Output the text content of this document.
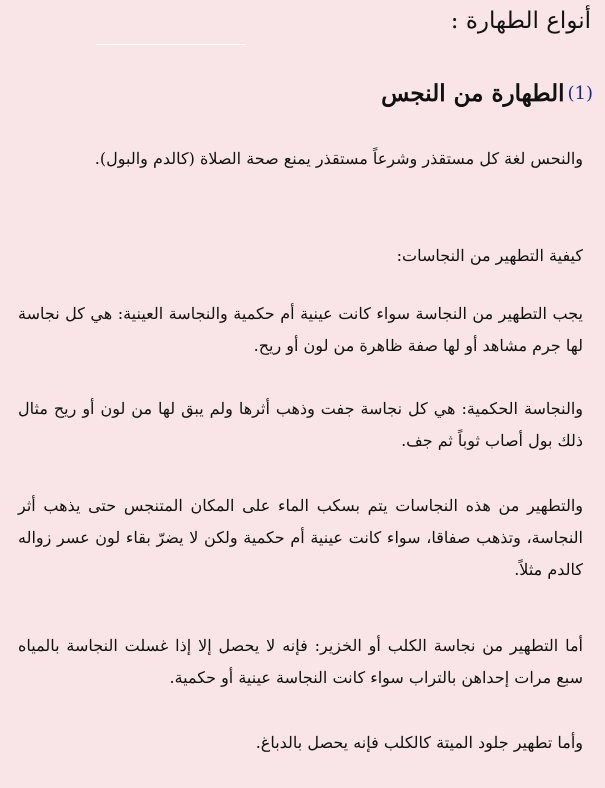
أنواع الطهارة :
(1)الطهارة من النجس

والنحس لغة كل مستقذر وشرعاً مستقذر يمنع صحة الصلاة (كالدم والبول).

كيفية التطهير من النجاسات:

يجب التطهير من النجاسة سواء كانت عينية أم حكمية والنجاسة العينية: هي كل نجاسة لها جرم مشاهد أو لها صفة ظاهرة من لون أو ريح.

والنجاسة الحكمية: هي كل نجاسة جفت وذهب أثرها ولم يبق لها من لون أو ريح مثال ذلك بول أصاب ثوباً ثم جف.

والتطهير من هذه النجاسات يتم بسكب الماء على المكان المتنجس حتى يذهب أثر النجاسة، وتذهب صفاقا، سواء كانت عينية أم حكمية ولكن لا يضرّ بقاء لون عسر زواله كالدم مثلاً.

أما التطهير من نجاسة الكلب أو الخزير: فإنه لا يحصل إلا إذا غسلت النجاسة بالمياه سبع مرات إحداهن بالتراب سواء كانت النجاسة عينية أو حكمية.

وأما تطهير جلود الميتة كالكلب فإنه يحصل بالدباغ.
